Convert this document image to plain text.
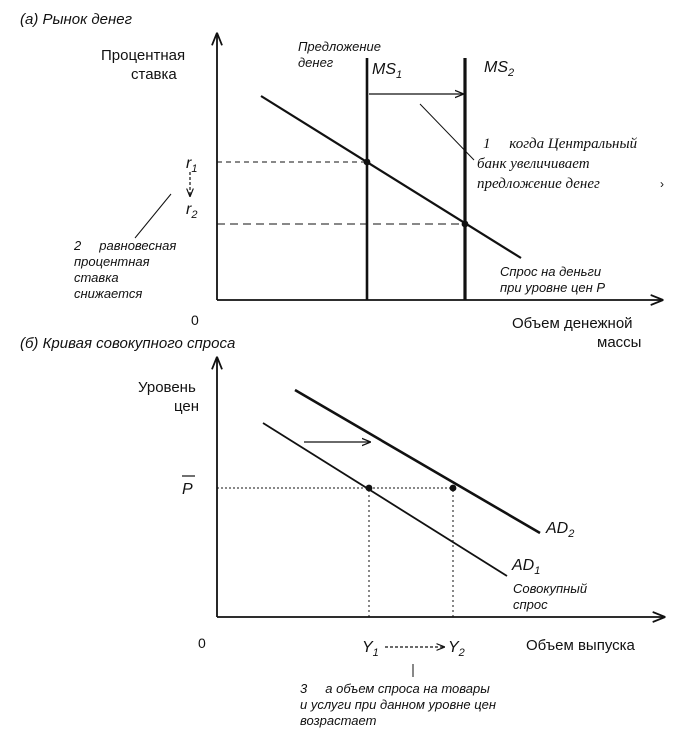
(a) Рынок денег
Процентная
ставка
0	Объем денежной
массы
Предложение
денег $MS_1$	$MS_2$
$r_1$
$r_2$
1     когда Центральный
банк увеличивает
предложение денег	›
2     равновесная
процентная
ставка
снижается
Спрос на деньги
при уровне цен P
(б) Кривая совокупного спроса
Уровень
цен
0	Объем выпуска
P
$AD_2$
$AD_1$
Совокупный
спрос
$Y_1$	$Y_2$
3     а объем спроса на товары
и услуги при данном уровне цен
возрастает
